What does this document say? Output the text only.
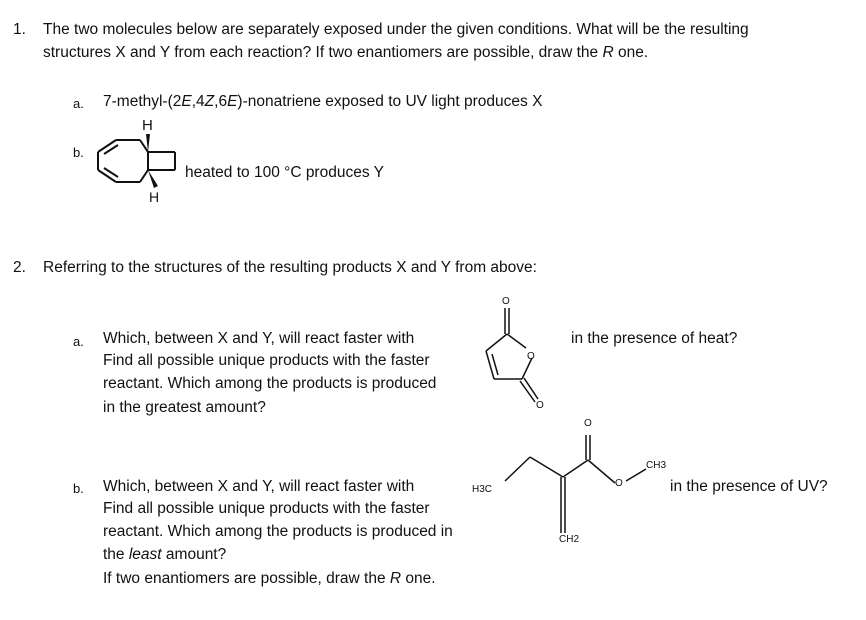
1. The two molecules below are separately exposed under the given conditions. What will be the resulting
structures X and Y from each reaction? If two enantiomers are possible, draw the R one.
a. 7-methyl-(2E,4Z,6E)-nonatriene exposed to UV light produces X
b.
H
H
heated to 100 °C produces Y
2. Referring to the structures of the resulting products X and Y from above:
a. Which, between X and Y, will react faster with
Find all possible unique products with the faster
reactant. Which among the products is produced
in the greatest amount?
in the presence of heat?
O
O
O
b. Which, between X and Y, will react faster with
Find all possible unique products with the faster
reactant. Which among the products is produced in
the least amount?
If two enantiomers are possible, draw the R one.
in the presence of UV?
H3C
O
O
CH3
CH2
